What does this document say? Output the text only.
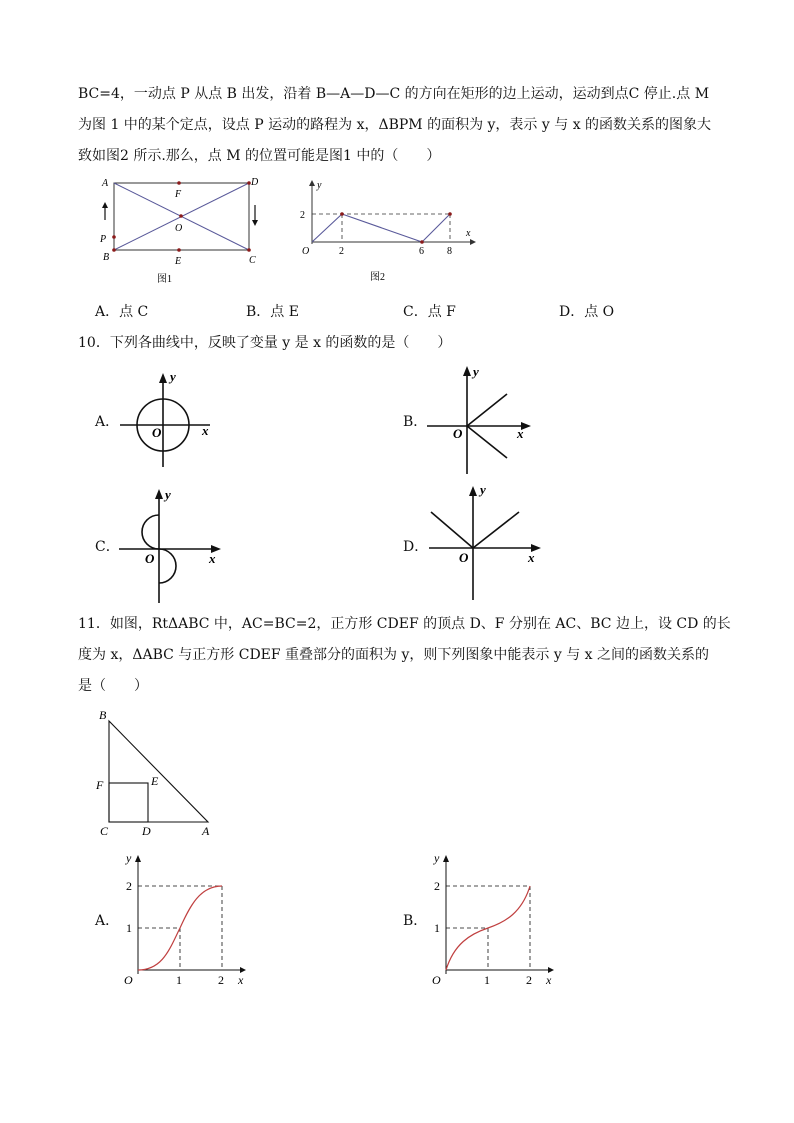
BC=4，一动点 P 从点 B 出发，沿着 B—A—D—C 的方向在矩形的边上运动，运动到点C 停止.点 M
为图 1 中的某个定点，设点 P 运动的路程为 x，ΔBPM 的面积为 y，表示 y 与 x 的函数关系的图象大
致如图2 所示.那么，点 M 的位置可能是图1 中的（　　）
A	D
F
O
P
B	E	C
图1
y
x
2
O	2	6 8
图2
A．点 C	B．点 E	C．点 F	D．点 O
10．下列各曲线中，反映了变量 y 是 x 的函数的是（　　）
A．
y
x
O
B．
y
x
O
C．
y
x
O
D．
y
x
O
11．如图，RtΔABC 中，AC=BC=2，正方形 CDEF 的顶点 D、F 分别在 AC、BC 边上，设 CD 的长
度为 x，ΔABC 与正方形 CDEF 重叠部分的面积为 y，则下列图象中能表示 y 与 x 之间的函数关系的
是（　　）
B
F	E
C	D	A
A．
y
2
1
O	1	2 x
B．
y
2
1
O	1	2 x
